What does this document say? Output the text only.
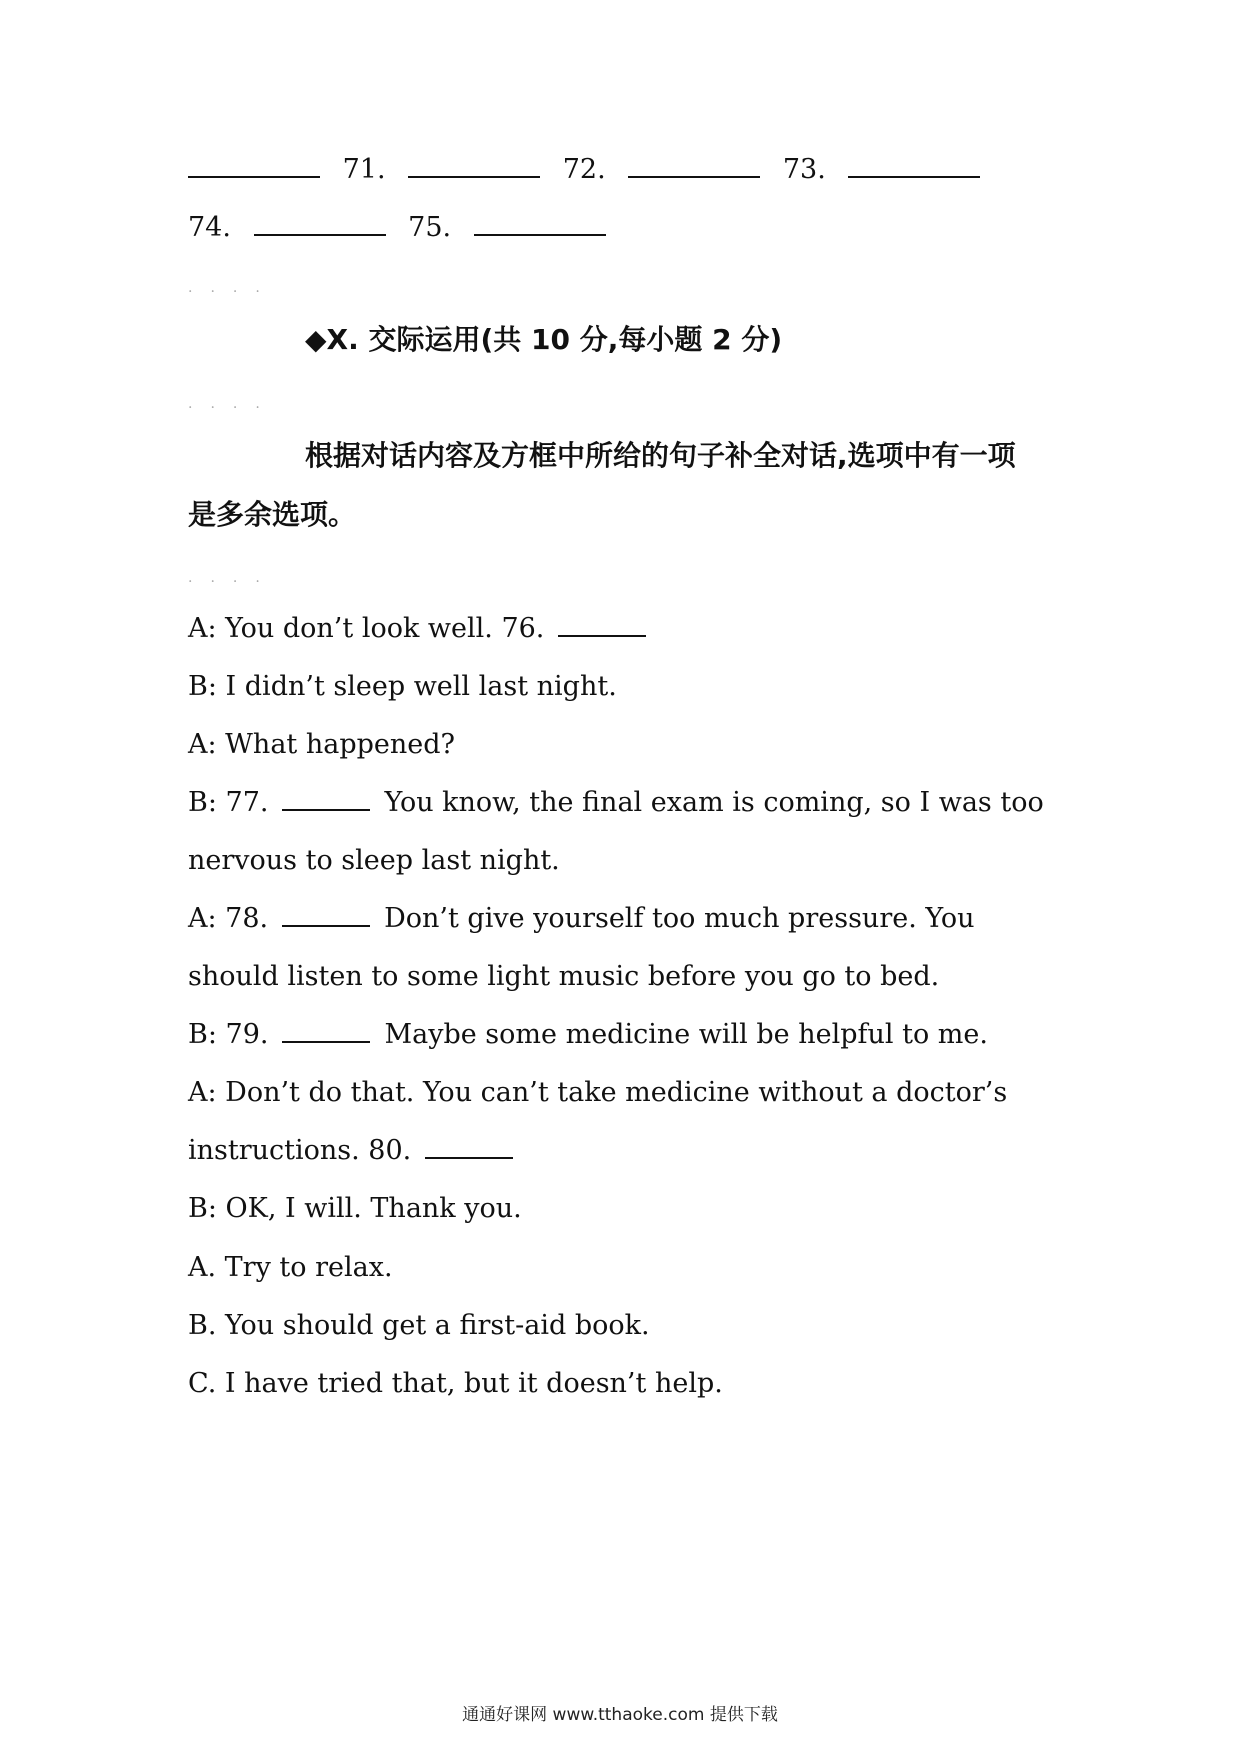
71.	72.	73.
74.	75.
....
◆X. 交际运用(共 10 分,每小题 2 分)
....
根据对话内容及方框中所给的句子补全对话,选项中有一项
是多余选项。
....
A: You don’t look well. 76.
B: I didn’t sleep well last night.
A: What happened?
B: 77.	You know, the final exam is coming, so I was too
nervous to sleep last night.
A: 78.	Don’t give yourself too much pressure. You
should listen to some light music before you go to bed.
B: 79.	Maybe some medicine will be helpful to me.
A: Don’t do that. You can’t take medicine without a doctor’s
instructions. 80.
B: OK, I will. Thank you.
A. Try to relax.
B. You should get a first-aid book.
C. I have tried that, but it doesn’t help.
通通好课网 www.tthaoke.com 提供下载
